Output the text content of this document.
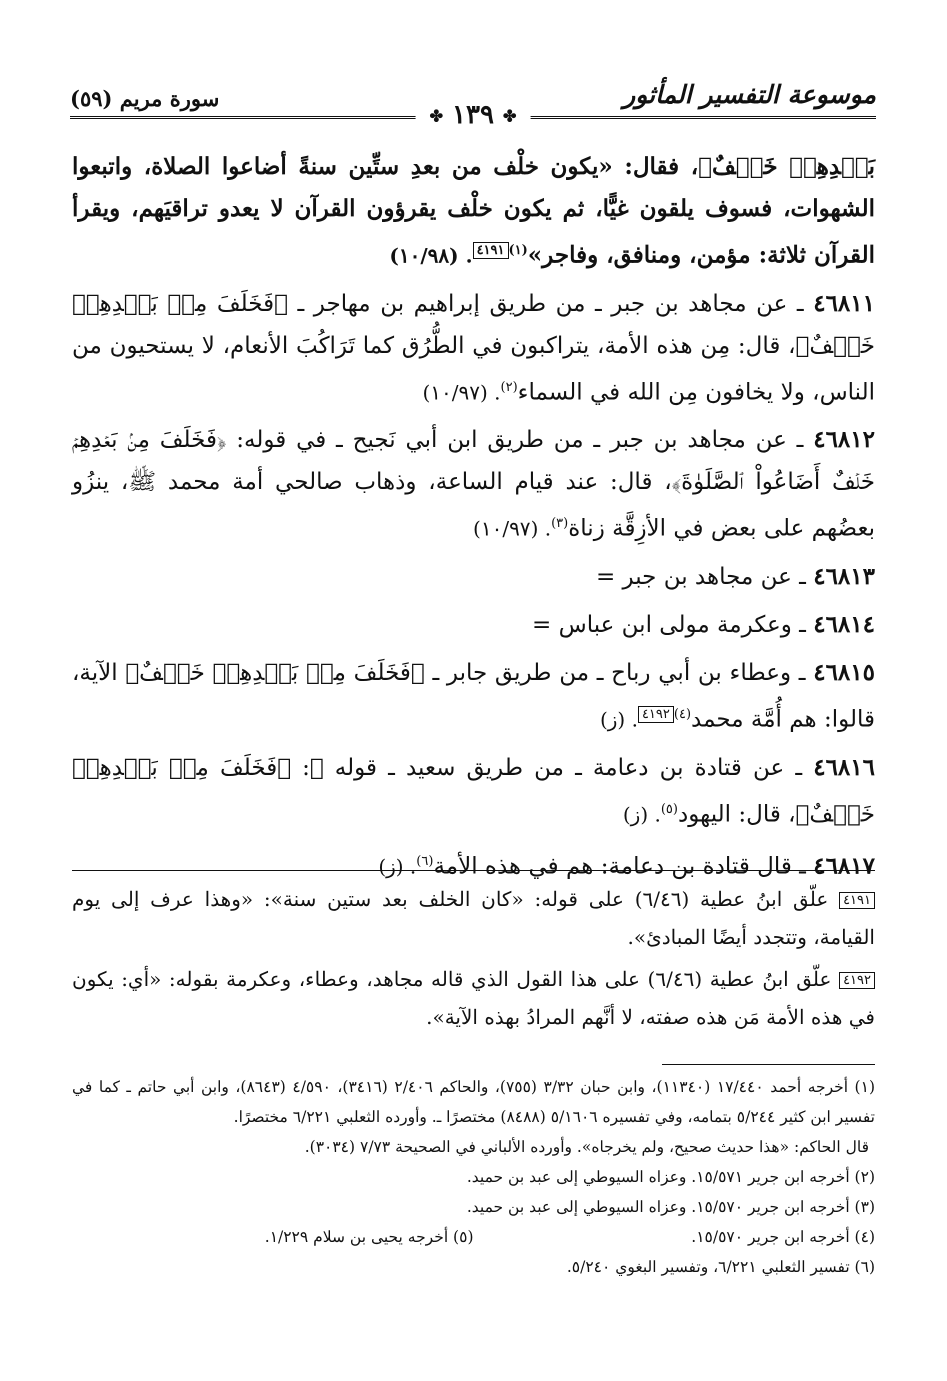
موسوعة التفسير المأثور
سورة مريم (٥٩)
✤ ١٣٩ ✤

بَعۡدِهِمۡ خَلۡفٌ﴾، فقال: «يكون خلْف من بعدِ ستِّين سنةً أضاعوا الصلاة، واتبعوا الشهوات، فسوف يلقون غيًّا، ثم يكون خلْف يقرؤون القرآن لا يعدو تراقيَهم، ويقرأ القرآن ثلاثة: مؤمن، ومنافق، وفاجر»$^{(١)}$٤١٩١. (١٠/٩٨)

٤٦٨١١ ـ عن مجاهد بن جبر ـ من طريق إبراهيم بن مهاجر ـ ﴿فَخَلَفَ مِنۢ بَعۡدِهِمۡ خَلۡفٌ﴾، قال: مِن هذه الأمة، يتراكبون في الطُّرُق كما تَرَاكُبَ الأنعام، لا يستحيون من الناس، ولا يخافون مِن الله في السماء$^{(٢)}$. (١٠/٩٧)

٤٦٨١٢ ـ عن مجاهد بن جبر ـ من طريق ابن أبي نَجيح ـ في قوله: ﴿فَخَلَفَ مِنۢ بَعۡدِهِمۡ خَلۡفٌ أَضَاعُواْ ٱلصَّلَوٰةَ﴾، قال: عند قيام الساعة، وذهاب صالحي أمة محمد ﷺ، ينزُو بعضُهم على بعض في الأزِقَّة زناة$^{(٣)}$. (١٠/٩٧)

٤٦٨١٣ ـ عن مجاهد بن جبر =

٤٦٨١٤ ـ وعكرمة مولى ابن عباس =

٤٦٨١٥ ـ وعطاء بن أبي رباح ـ من طريق جابر ـ ﴿فَخَلَفَ مِنۢ بَعۡدِهِمۡ خَلۡفٌ﴾ الآية، قالوا: هم أُمَّة محمد$^{(٤)}$٤١٩٢. (ز)

٤٦٨١٦ ـ عن قتادة بن دعامة ـ من طريق سعيد ـ قوله ﷻ: ﴿فَخَلَفَ مِنۢ بَعۡدِهِمۡ خَلۡفٌ﴾، قال: اليهود$^{(٥)}$. (ز)

٤٦٨١٧ ـ قال قتادة بن دعامة: هم في هذه الأمة$^{(٦)}$. (ز)

٤١٩١ علّق ابنُ عطية (٦/٤٦) على قوله: «كان الخلف بعد ستين سنة»: «وهذا عرف إلى يوم القيامة، وتتجدد أيضًا المبادئ».

٤١٩٢ علّق ابنُ عطية (٦/٤٦) على هذا القول الذي قاله مجاهد، وعطاء، وعكرمة بقوله: «أي: يكون في هذه الأمة مَن هذه صفته، لا أنَّهم المرادُ بهذه الآية».

(١) أخرجه أحمد ١٧/٤٤٠ (١١٣٤٠)، وابن حبان ٣/٣٢ (٧٥٥)، والحاكم ٢/٤٠٦ (٣٤١٦)، ٤/٥٩٠ (٨٦٤٣)، وابن أبي حاتم ـ كما في تفسير ابن كثير ٥/٢٤٤ بتمامه، وفي تفسيره ٥/١٦٠٦ (٨٤٨٨) مختصرًا ـ. وأورده الثعلبي ٦/٢٢١ مختصرًا.

قال الحاكم: «هذا حديث صحيح، ولم يخرجاه». وأورده الألباني في الصحيحة ٧/٧٣ (٣٠٣٤).

(٢) أخرجه ابن جرير ١٥/٥٧١. وعزاه السيوطي إلى عبد بن حميد.

(٣) أخرجه ابن جرير ١٥/٥٧٠. وعزاه السيوطي إلى عبد بن حميد.

(٤) أخرجه ابن جرير ١٥/٥٧٠.
(٥) أخرجه يحيى بن سلام ١/٢٢٩.

(٦) تفسير الثعلبي ٦/٢٢١، وتفسير البغوي ٥/٢٤٠.
